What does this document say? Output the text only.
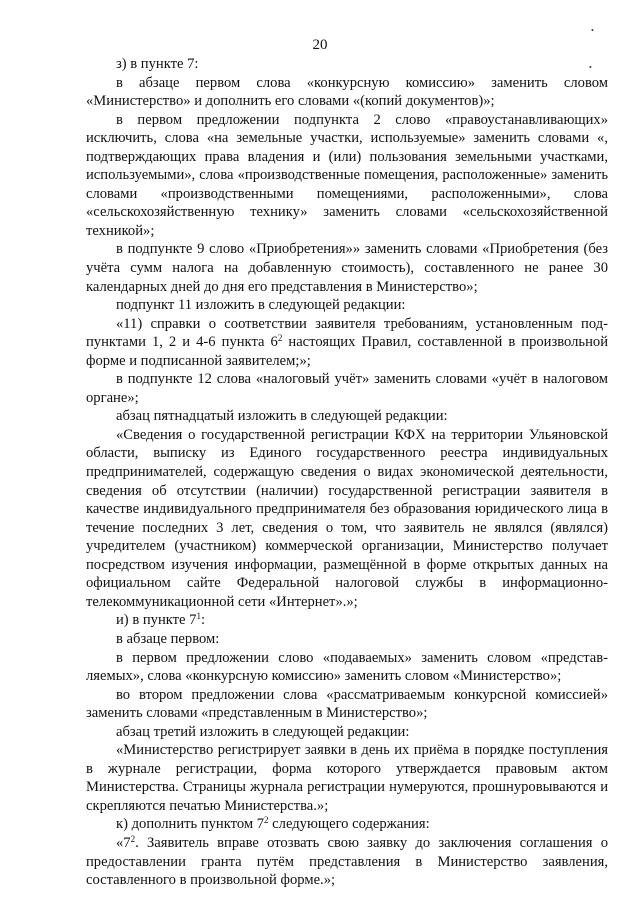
20
•
•

з) в пункте 7:

в абзаце первом слова «конкурсную комиссию» заменить словом «Министерство» и дополнить его словами «(копий документов)»;

в первом предложении подпункта 2 слово «правоустанавливающих» исключить, слова «на земельные участки, используемые» заменить словами «, подтверждающих права владения и (или) пользования земельными участками, используемыми», слова «производственные помещения, расположенные» заменить словами «производственными помещениями, расположенными», слова «сельскохозяйственную технику» заменить словами «сельскохозяйственной техникой»;

в подпункте 9 слово «Приобретения»» заменить словами «Приобретения (без учёта сумм налога на добавленную стоимость), составленного не ранее 30 календарных дней до дня его представления в Министерство»;

подпункт 11 изложить в следующей редакции:

«11) справки о соответствии заявителя требованиям, установленным подпунктами 1, 2 и 4-6 пункта $6^2$ настоящих Правил, составленной в произвольной форме и подписанной заявителем;»;

в подпункте 12 слова «налоговый учёт» заменить словами «учёт в налоговом органе»;

абзац пятнадцатый изложить в следующей редакции:

«Сведения о государственной регистрации КФХ на территории Ульяновской области, выписку из Единого государственного реестра индивидуальных предпринимателей, содержащую сведения о видах экономической деятельности, сведения об отсутствии (наличии) государственной регистрации заявителя в качестве индивидуального предпринимателя без образования юридического лица в течение последних 3 лет, сведения о том, что заявитель не являлся (являлся) учредителем (участником) коммерческой организации, Министерство получает посредством изучения информации, размещённой в форме открытых данных на официальном сайте Федеральной налоговой службы в информационно-телекоммуникационной сети «Интернет».»;

и) в пункте $7^1$:

в абзаце первом:

в первом предложении слово «подаваемых» заменить словом «представляемых», слова «конкурсную комиссию» заменить словом «Министерство»;

во втором предложении слова «рассматриваемым конкурсной комиссией» заменить словами «представленным в Министерство»;

абзац третий изложить в следующей редакции:

«Министерство регистрирует заявки в день их приёма в порядке поступления в журнале регистрации, форма которого утверждается правовым актом Министерства. Страницы журнала регистрации нумеруются, прошнуровываются и скрепляются печатью Министерства.»;

к) дополнить пунктом $7^2$ следующего содержания:

«$7^2$. Заявитель вправе отозвать свою заявку до заключения соглашения о предоставлении гранта путём представления в Министерство заявления, составленного в произвольной форме.»;
